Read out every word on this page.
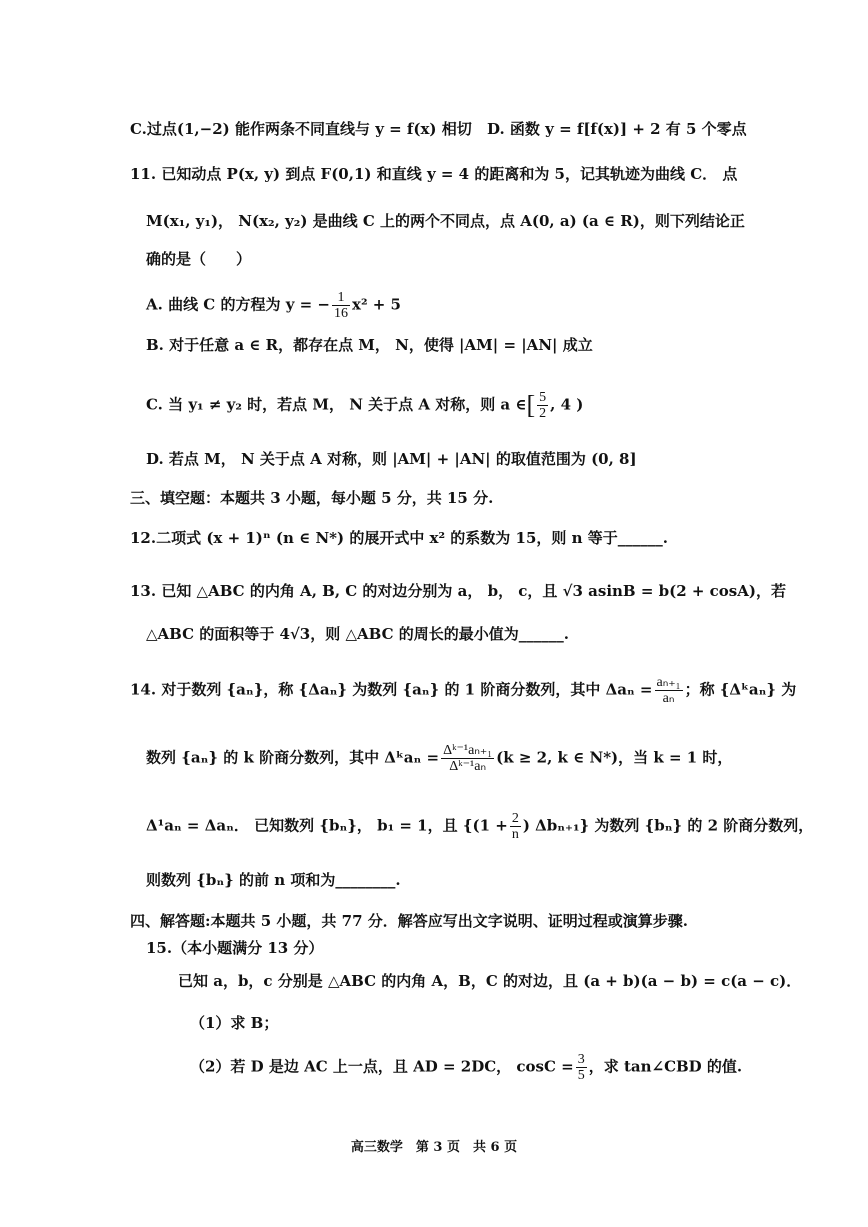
C.过点(1,−2) 能作两条不同直线与 y = f(x) 相切 D. 函数 y = f[f(x)] + 2 有 5 个零点
11. 已知动点 P(x, y) 到点 F(0,1) 和直线 y = 4 的距离和为 5，记其轨迹为曲线 C． 点
M(x₁, y₁)， N(x₂, y₂) 是曲线 C 上的两个不同点，点 A(0, a) (a ∈ R)，则下列结论正
确的是（　　）
A. 曲线 C 的方程为 y = − $\frac{1}{16} x^2 + 5$
B. 对于任意 a ∈ R，都存在点 M， N，使得 |AM| = |AN| 成立
C. 当 y₁ ≠ y₂ 时，若点 M， N 关于点 A 对称，则 a ∈[ $\frac{5}{2}$ , 4 )
D. 若点 M， N 关于点 A 对称，则 |AM| + |AN| 的取值范围为 (0, 8]
三、填空题：本题共 3 小题，每小题 5 分，共 15 分.
12.二项式 (x + 1)ⁿ (n ∈ N*) 的展开式中 x² 的系数为 15，则 n 等于______.
13. 已知 △ABC 的内角 A, B, C 的对边分别为 a， b， c，且 √3 asinB = b(2 + cosA)，若
△ABC 的面积等于 4√3，则 △ABC 的周长的最小值为______.
14. 对于数列 {aₙ}，称 {Δaₙ} 为数列 {aₙ} 的 1 阶商分数列，其中 $\Delta a_n = \frac{\text{aₙ₊₁}}{\text{aₙ}}$ ；称 {Δᵏaₙ} 为
数列 {aₙ} 的 k 阶商分数列，其中 Δᵏaₙ = $\frac{\text{Δᵏ⁻¹aₙ₊₁}}{\text{Δᵏ⁻¹aₙ}} (k \ge 2$, k ∈ N*)，当 k = 1 时，
Δ¹aₙ = Δaₙ． 已知数列 {bₙ}， b₁ = 1，且 {($1 + \frac{2}{n}$ ) Δbₙ₊₁} 为数列 {bₙ} 的 2 阶商分数列，
则数列 {bₙ} 的前 n 项和为________.
四、解答题:本题共 5 小题，共 77 分．解答应写出文字说明、证明过程或演算步骤.
15.（本小题满分 13 分）
已知 a，b，c 分别是 △ABC 的内角 A，B，C 的对边，且 (a + b)(a − b) = c(a − c)．
（1）求 B；
（2）若 D 是边 AC 上一点，且 AD = 2DC， $\cos C = \frac{3}{5}$ ，求 tan∠CBD 的值.
高三数学　第 3 页　共 6 页
